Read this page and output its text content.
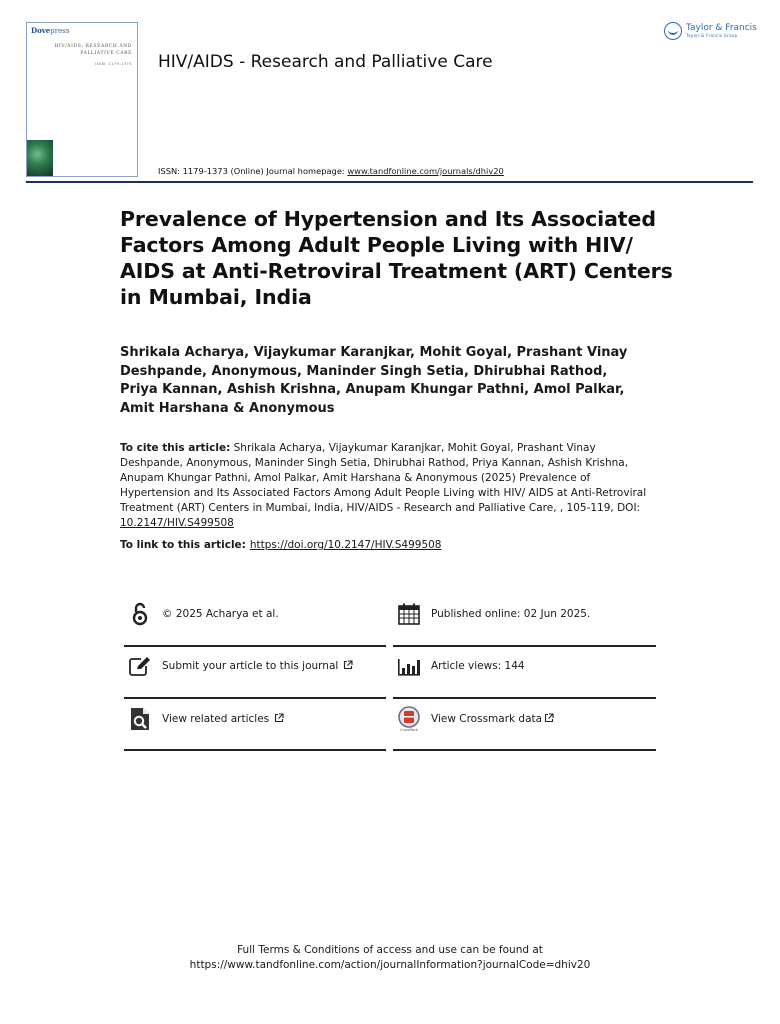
Dovepress
HIV/AIDS: RESEARCH AND PALLIATIVE CARE
ISSN: 1179-1373 HIV/AIDS - Research and Palliative Care
Taylor & Francis
Taylor & Francis Group
ISSN: 1179-1373 (Online) Journal homepage: www.tandfonline.com/journals/dhiv20
Prevalence of Hypertension and Its Associated Factors Among Adult People Living with HIV/ AIDS at Anti-Retroviral Treatment (ART) Centers in Mumbai, India
Shrikala Acharya, Vijaykumar Karanjkar, Mohit Goyal, Prashant Vinay Deshpande, Anonymous, Maninder Singh Setia, Dhirubhai Rathod, Priya Kannan, Ashish Krishna, Anupam Khungar Pathni, Amol Palkar, Amit Harshana & Anonymous
To cite this article: Shrikala Acharya, Vijaykumar Karanjkar, Mohit Goyal, Prashant Vinay Deshpande, Anonymous, Maninder Singh Setia, Dhirubhai Rathod, Priya Kannan, Ashish Krishna, Anupam Khungar Pathni, Amol Palkar, Amit Harshana & Anonymous (2025) Prevalence of Hypertension and Its Associated Factors Among Adult People Living with HIV/ AIDS at Anti-Retroviral Treatment (ART) Centers in Mumbai, India, HIV/AIDS - Research and Palliative Care, , 105-119, DOI: 10.2147/HIV.S499508
To link to this article: https://doi.org/10.2147/HIV.S499508
© 2025 Acharya et al.	Published online: 02 Jun 2025.
Submit your article to this journal	Article views: 144
View related articles
CrossMark
View Crossmark data
Full Terms & Conditions of access and use can be found at
https://www.tandfonline.com/action/journalInformation?journalCode=dhiv20
